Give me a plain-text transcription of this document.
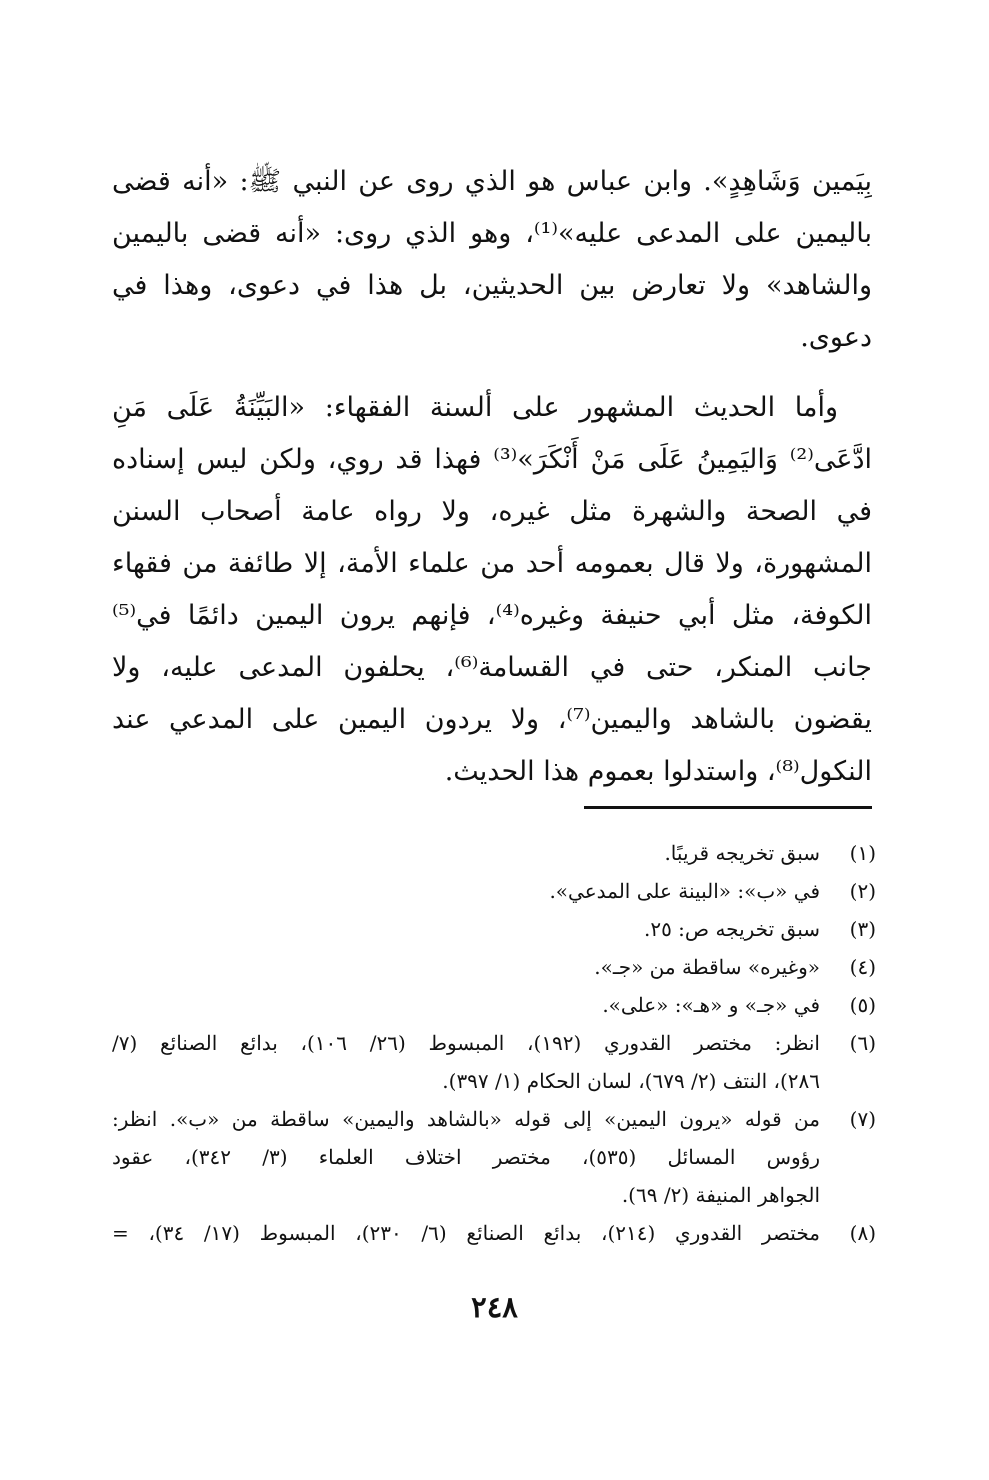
بِيَمين وَشَاهِدٍ». وابن عباس هو الذي روى عن النبي ﷺ: «أنه قضى
باليمين على المدعى عليه»⁽¹⁾، وهو الذي روى: «أنه قضى باليمين
والشاهد» ولا تعارض بين الحديثين، بل هذا في دعوى، وهذا في
دعوى.
وأما الحديث المشهور على ألسنة الفقهاء: «البَيِّنَةُ عَلَى مَنِ
ادَّعَى⁽²⁾ وَاليَمِينُ عَلَى مَنْ أَنْكَرَ»⁽³⁾ فهذا قد روي، ولكن ليس إسناده
في الصحة والشهرة مثل غيره، ولا رواه عامة أصحاب السنن
المشهورة، ولا قال بعمومه أحد من علماء الأمة، إلا طائفة من فقهاء
الكوفة، مثل أبي حنيفة وغيره⁽⁴⁾، فإنهم يرون اليمين دائمًا في⁽⁵⁾
جانب المنكر، حتى في القسامة⁽⁶⁾، يحلفون المدعى عليه، ولا
يقضون بالشاهد واليمين⁽⁷⁾، ولا يردون اليمين على المدعي عند
النكول⁽⁸⁾، واستدلوا بعموم هذا الحديث.
(١)
سبق تخريجه قريبًا.
(٢)
في «ب»: «البينة على المدعي».
(٣)
سبق تخريجه ص: ٢٥.
(٤)
«وغيره» ساقطة من «جـ».
(٥)
في «جـ» و «هـ»: «على».
(٦)
انظر: مختصر القدوري (١٩٢)، المبسوط (٢٦/ ١٠٦)، بدائع الصنائع (٧/
٢٨٦)، النتف (٢/ ٦٧٩)، لسان الحكام (١/ ٣٩٧).
(٧)
من قوله «يرون اليمين» إلى قوله «بالشاهد واليمين» ساقطة من «ب». انظر:
رؤوس المسائل (٥٣٥)، مختصر اختلاف العلماء (٣/ ٣٤٢)، عقود
الجواهر المنيفة (٢/ ٦٩).
(٨)
مختصر القدوري (٢١٤)، بدائع الصنائع (٦/ ٢٣٠)، المبسوط (١٧/ ٣٤)، =
٢٤٨
